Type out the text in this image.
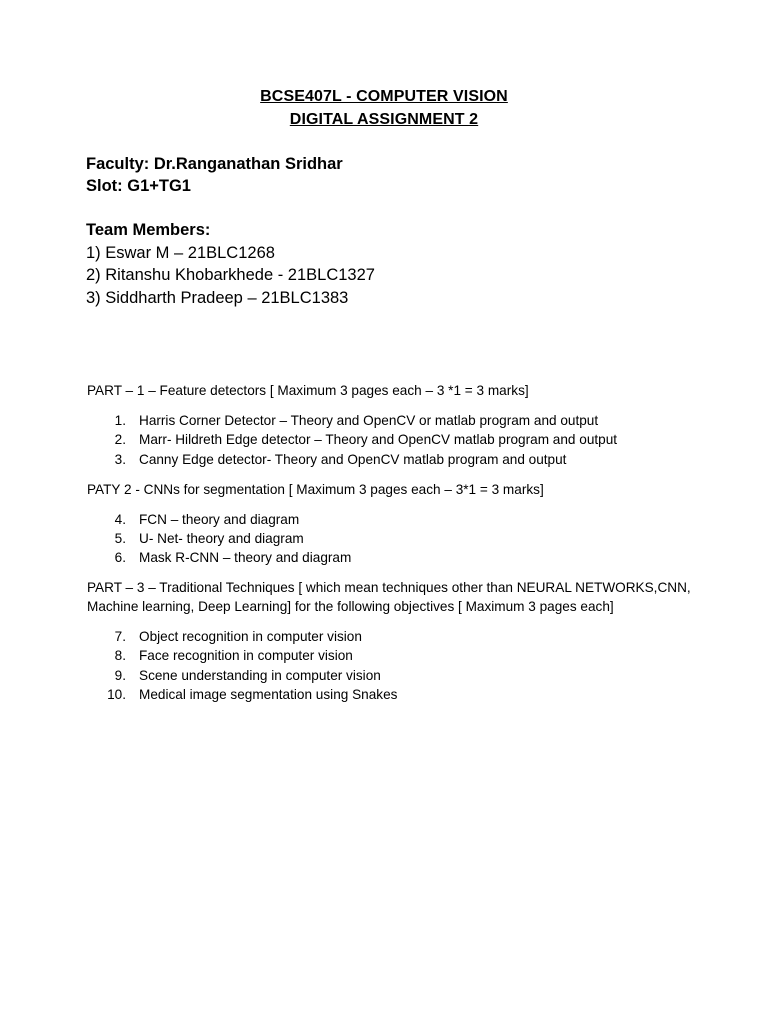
BCSE407L - COMPUTER VISION
DIGITAL ASSIGNMENT 2
Faculty: Dr.Ranganathan Sridhar
Slot: G1+TG1
Team Members:
1) Eswar M – 21BLC1268
2) Ritanshu Khobarkhede - 21BLC1327
3) Siddharth Pradeep – 21BLC1383
PART – 1 – Feature detectors [ Maximum 3 pages each – 3 *1 = 3 marks]
1. Harris Corner Detector – Theory and OpenCV or matlab program and output
2. Marr- Hildreth Edge detector – Theory and OpenCV matlab program and output
3. Canny Edge detector- Theory and OpenCV matlab program and output
PATY 2 - CNNs for segmentation [ Maximum 3 pages each – 3*1 = 3 marks]
4. FCN – theory and diagram
5. U- Net- theory and diagram
6. Mask R-CNN – theory and diagram
PART – 3 – Traditional Techniques [ which mean techniques other than NEURAL NETWORKS,CNN,
Machine learning, Deep Learning] for the following objectives [ Maximum 3 pages each]
7. Object recognition in computer vision
8. Face recognition in computer vision
9. Scene understanding in computer vision
10. Medical image segmentation using Snakes
